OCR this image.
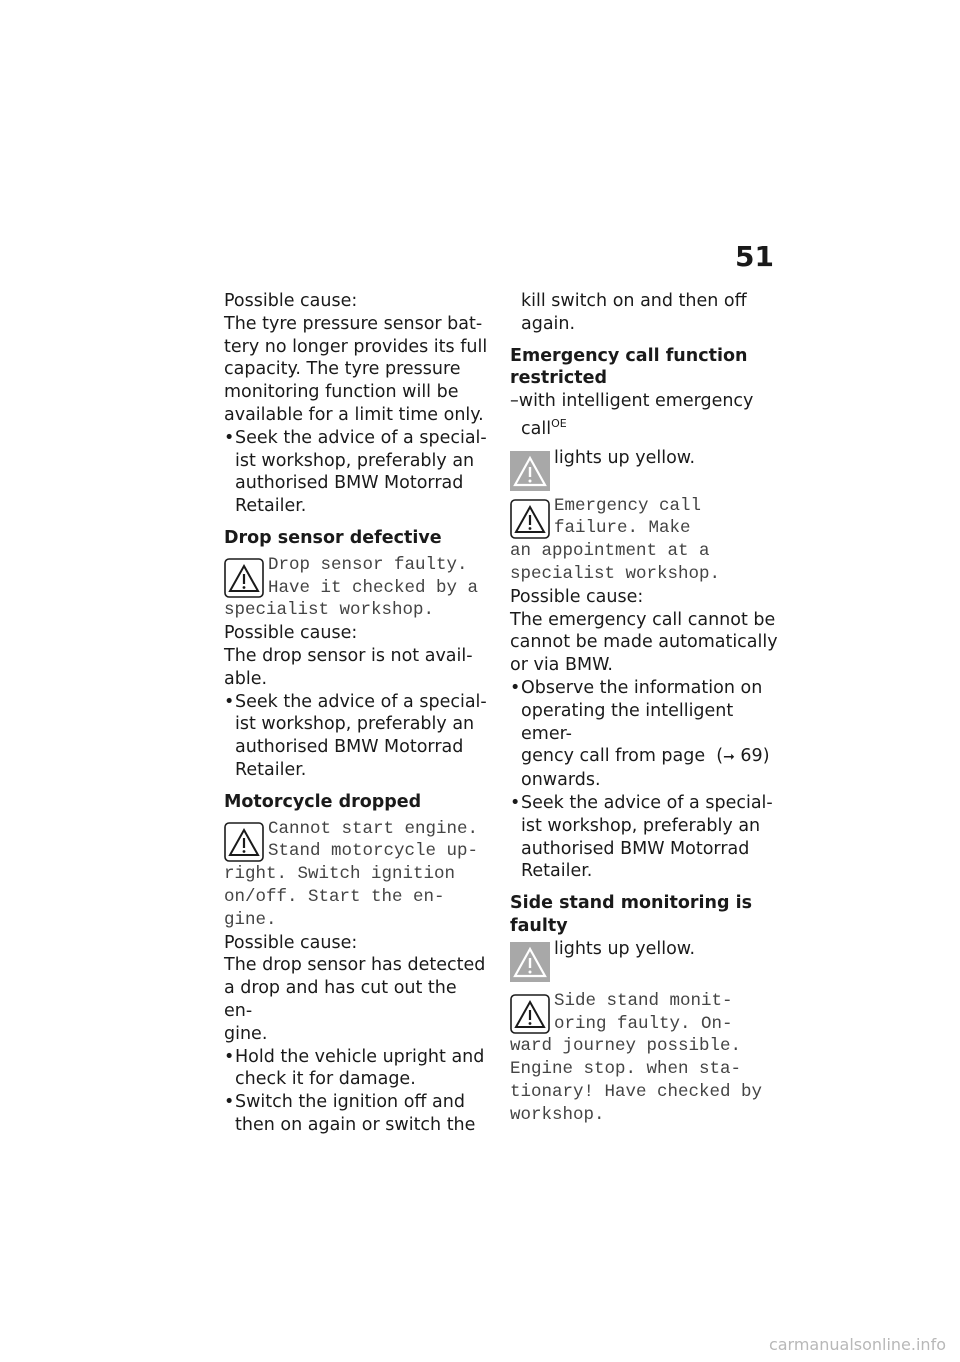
51

Possible cause:

The tyre pressure sensor bat-

tery no longer provides its full

capacity. The tyre pressure

monitoring function will be

available for a limit time only.

• Seek the advice of a special-

ist workshop, preferably an

authorised BMW Motorrad

Retailer.

Drop sensor defective

Drop sensor faulty.
Have it checked by a
specialist workshop.

Possible cause:

The drop sensor is not avail-

able.

• Seek the advice of a special-

ist workshop, preferably an

authorised BMW Motorrad

Retailer.

Motorcycle dropped

Cannot start engine.
Stand motorcycle up-
right. Switch ignition
on/off. Start the en-
gine.

Possible cause:

The drop sensor has detected

a drop and has cut out the en-

gine.

• Hold the vehicle upright and

check it for damage.

• Switch the ignition off and

then on again or switch the

kill switch on and then off

again.

Emergency call function

restricted

–with intelligent emergency

call$^{OE}$

lights up yellow.
Emergency call
failure. Make
an appointment at a
specialist workshop.

Possible cause:

The emergency call cannot be

cannot be made automatically

or via BMW.

• Observe the information on

operating the intelligent emer-

gency call from page (➞ 69)

onwards.

• Seek the advice of a special-

ist workshop, preferably an

authorised BMW Motorrad

Retailer.

Side stand monitoring is

faulty

lights up yellow.
Side stand monit-
oring faulty. On-
ward journey possible.
Engine stop. when sta-
tionary! Have checked by
workshop.
carmanualsonline.info
